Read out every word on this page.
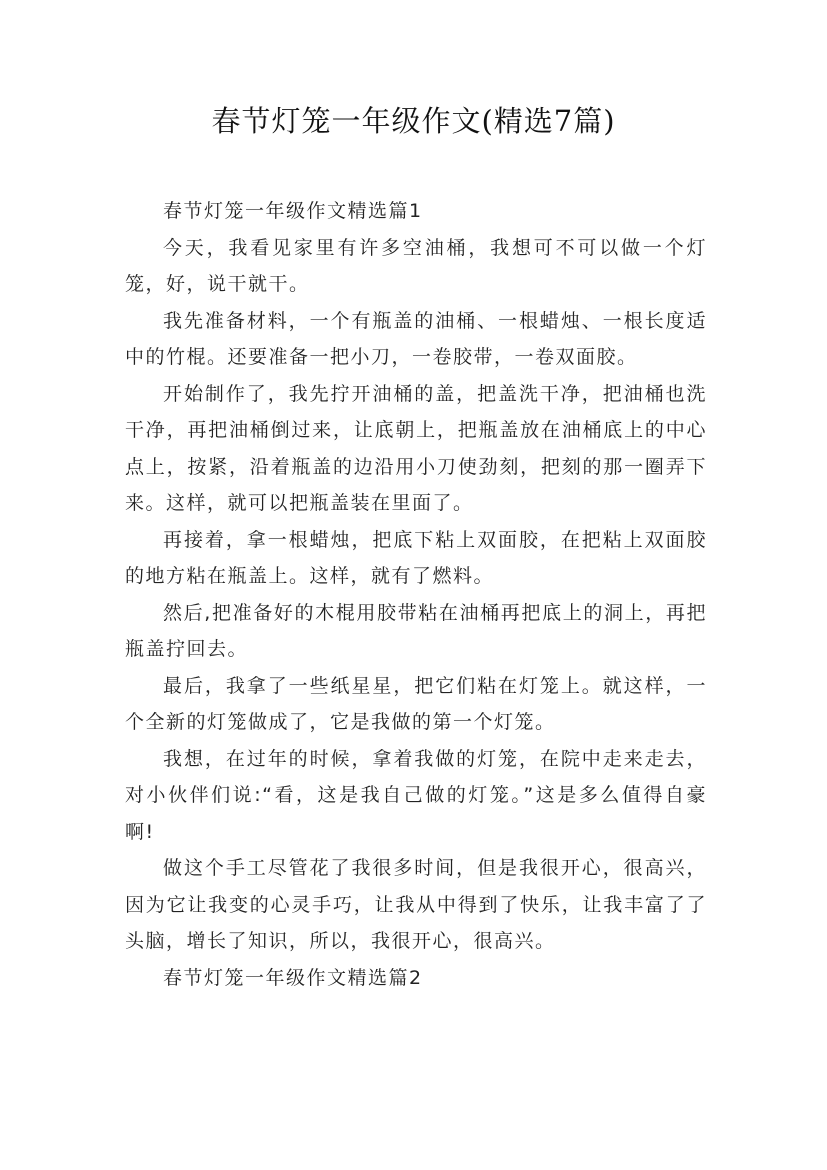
春节灯笼一年级作文(精选7篇)

春节灯笼一年级作文精选篇1

今天，我看见家里有许多空油桶，我想可不可以做一个灯笼，好，说干就干。

我先准备材料，一个有瓶盖的油桶、一根蜡烛、一根长度适中的竹棍。还要准备一把小刀，一卷胶带，一卷双面胶。

开始制作了，我先拧开油桶的盖，把盖洗干净，把油桶也洗干净，再把油桶倒过来，让底朝上，把瓶盖放在油桶底上的中心点上，按紧，沿着瓶盖的边沿用小刀使劲刻，把刻的那一圈弄下来。这样，就可以把瓶盖装在里面了。

再接着，拿一根蜡烛，把底下粘上双面胶，在把粘上双面胶的地方粘在瓶盖上。这样，就有了燃料。

然后,把准备好的木棍用胶带粘在油桶再把底上的洞上，再把瓶盖拧回去。

最后，我拿了一些纸星星，把它们粘在灯笼上。就这样，一个全新的灯笼做成了，它是我做的第一个灯笼。

我想，在过年的时候，拿着我做的灯笼，在院中走来走去，对小伙伴们说:“看，这是我自己做的灯笼。”这是多么值得自豪啊!

做这个手工尽管花了我很多时间，但是我很开心，很高兴，因为它让我变的心灵手巧，让我从中得到了快乐，让我丰富了了头脑，增长了知识，所以，我很开心，很高兴。

春节灯笼一年级作文精选篇2
